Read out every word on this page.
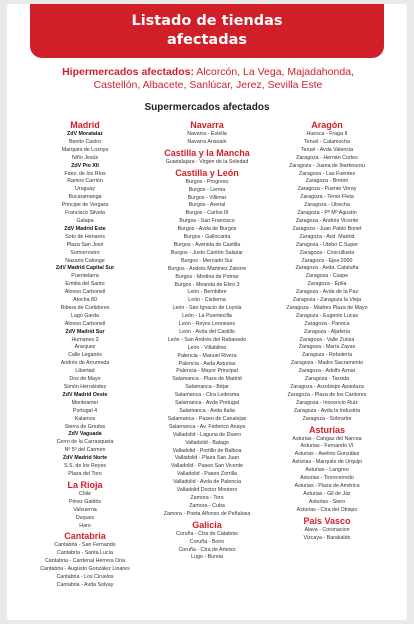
Listado de tiendas
afectadas
Hipermercados afectados: Alcorcón, La Vega, Majadahonda, Castellón, Albacete, Sanlúcar, Jerez, Sevilla Este
Supermercados afectados
Madrid
ZdV Moratalaz
Benito Castro
Marqués de Lozoya
Niño Jesús
ZdV Pío XII
Fdez. de los Ríos
Ramos Carrión
Uruguay
Bucaramanga
Principe de Vergara
Francisco Silvela
Galapa
ZdV Madrid Este
Soto de Henares
Plaza San José
Somorrostro
Nazario Calonge
ZdV Madrid Capital Sur
Puentelarra
Ermita del Santo
Alonso Carbonell
Atocha 80
Ribera de Curtidores
Lago Garda
Alonso Carbonell
ZdV Madrid Sur
Humanes 3
Aranjuez
Calle Leganés
Andrés de Arrumeda
Libertad
Dos de Mayo
Simón Hernández
ZdV Madrid Oeste
Monteamer
Portugal 4
Kalamos
Sierra de Gredos
ZdV Vaguada
Cerro de la Carrasqueta
Nº 5º del Carmen
ZdV Madrid Norte
S.S. de los Reyes
Plaza del Toro
La Rioja
Chile
Pérez Galdós
Valvuerna
Duques
Haro
Cantabria
Cantabria - San Fernando
Cantabria - Santa Lucía
Cantabria - Cardenal Herrera Oria
Cantabria - Augusto González Linares
Cantabria - Los Ciruelos
Cantabria - Avda Solvay
Navarra
Navarra - Estella
Navarra Ansoain
Castilla y la Mancha
Guadalajara - Virgen de la Soledad
Castilla y León
Burgos - Progreso
Burgos - Lerma
Burgos - Villimar
Burgos - Arenal
Burgos - Carlos III
Burgos - San Francisco
Burgos - Avda de Burgos
Burgos - Gallocanta
Burgos - Avenida de Castilla
Burgos - Justo Cantón Salazar
Burgos - Mercado Sur
Burgos - Andrés Martinez Zatorre
Burgos - Medina de Pomar
Burgos - Miranda de Ebro 3
León - Bembibre
León - Cistierna
León - San Ignacio de Loyola
León - La Puentecilla
León - Reyes Leoneses
León - Avda del Castillo
León - San Andrés del Rabanedo
León - Villabilino
Palencia - Manuel Rivera
Palencia - Avda Asturias
Palencia - Mayor Principal
Salamanca - Plaza de Madrid
Salamanca - Béjar
Salamanca - Ctra Ledesma
Salamanca - Avda Portugal
Salamanca - Avda Italia
Salamanca - Paseo de Canalejas
Salamanca - Av. Federico Anaya
Valladolid - Laguna de Duero
Valladolid - Balago
Valladolid - Portillo de Balboa
Valladolid - Plaza San Juan
Valladolid - Paseo San Vicente
Valladolid - Paseo Zorrilla
Valladolid - Avda de Palencia
Valladolid Doctor Montero
Zamora - Toro
Zamora - Cuba
Zamora - Poeta Alfonso de Peñalosa
Galicia
Coruña - Ctra de Catabois
Coruña - Boiro
Coruña - Ctra de Arteixo
Lugo - Bureia
Aragón
Huesca - Fraga II
Teruel - Calamocha
Teruel - Avda Valencia
Zaragoza - Hernán Cortes
Zaragoza - Juana de Ibarbourou
Zaragoza - Las Fuentes
Zaragoza - Bretón
Zaragoza - Puente Virrey
Zaragoza - Tenor Fleta
Zaragoza - Utrecha
Zaragoza - Pº Mº Agustín
Zaragoza - Andrés Vicente
Zaragoza - Juan Pablo Bonet
Zaragoza - Avd. Madrid
Zaragoza - Utebo C.Super
Zaragoza - Cosculluela
Zaragoza - Ejea 2000
Zaragoza - Avda. Cataluña
Zaragoza - Caspe
Zaragoza - Épila
Zaragoza - Avda de la Paz
Zaragoza - Zaragoza la Vieja
Zaragoza - Madres Plaza de Mayo
Zaragoza - Eugenio Lucas
Zaragoza - Panoca
Zaragoza - Aljafería
Zaragoza - Valle Zuriza
Zaragoza - María Zayas
Zaragoza - Rebolería
Zaragoza - Madre Sacramento
Zaragoza - Adolfo Aznar
Zaragoza - Tarxida
Zaragoza - Arzobispo Apaolaza
Zaragoza - Plaza de los Cantores
Zaragoza - Inocencio Ruiz
Zaragoza - Avda la Industria
Zaragoza - Sobrarbe
Asturias
Asturias - Cangas del Narcea
Asturias - Fernando VI
Asturias - Avelino González
Asturias - Marqués de Urquijo
Asturias - Langreo
Asturias - Torrecerredo
Asturias - Plaza de América
Asturias - Gil de Jaz
Asturias - Siero
Asturias - Ctra del Obispo
País Vasco
Alava - Coronacion
Vizcaya - Barakaldo
